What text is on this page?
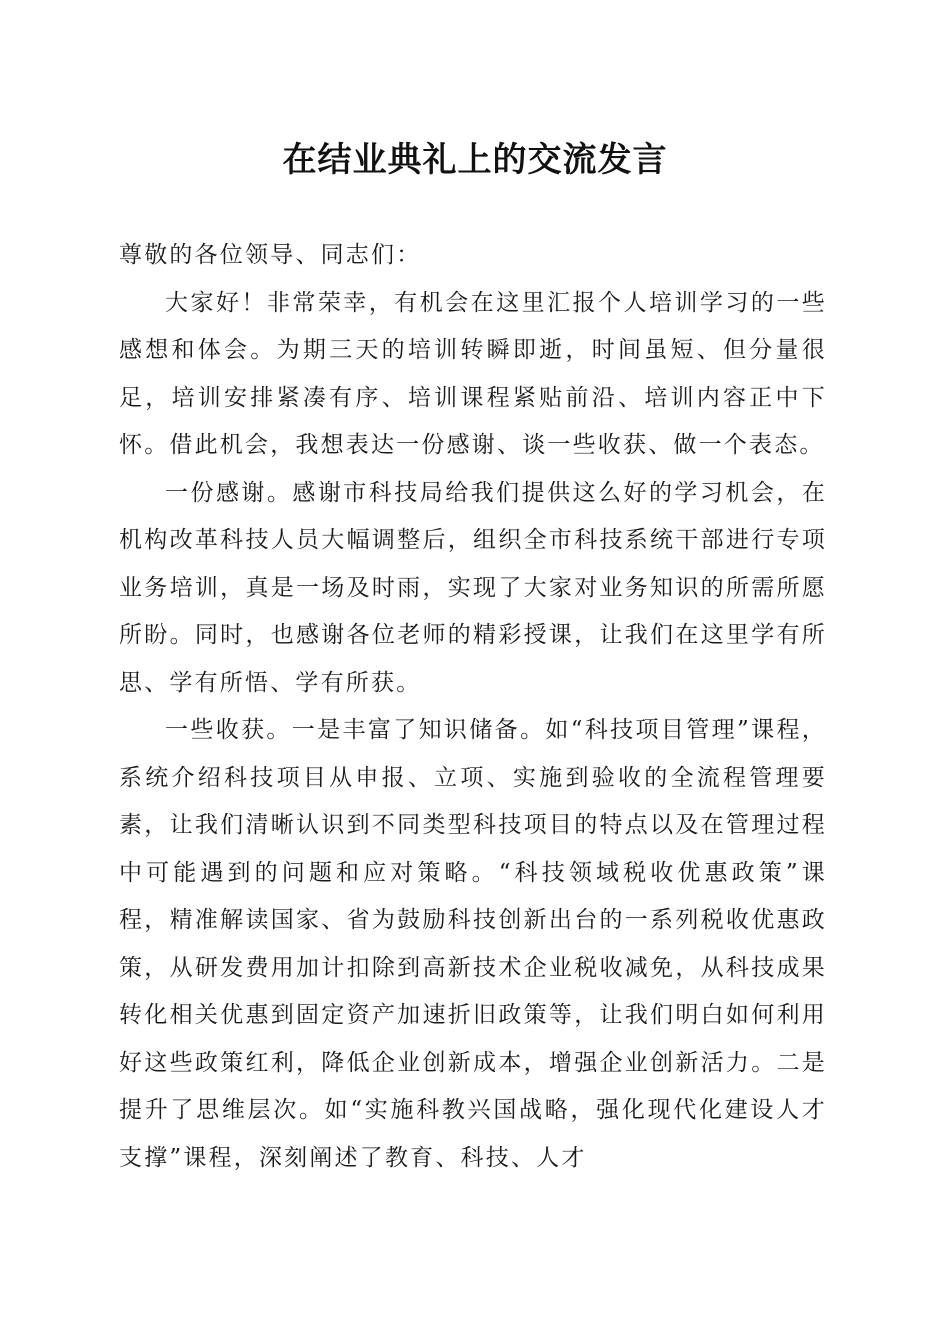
在结业典礼上的交流发言

尊敬的各位领导、同志们：

大家好！非常荣幸，有机会在这里汇报个人培训学习的一些感想和体会。为期三天的培训转瞬即逝，时间虽短、但分量很足，培训安排紧凑有序、培训课程紧贴前沿、培训内容正中下怀。借此机会，我想表达一份感谢、谈一些收获、做一个表态。

一份感谢。感谢市科技局给我们提供这么好的学习机会，在机构改革科技人员大幅调整后，组织全市科技系统干部进行专项业务培训，真是一场及时雨，实现了大家对业务知识的所需所愿所盼。同时，也感谢各位老师的精彩授课，让我们在这里学有所思、学有所悟、学有所获。

一些收获。一是丰富了知识储备。如“科技项目管理”课程，系统介绍科技项目从申报、立项、实施到验收的全流程管理要素，让我们清晰认识到不同类型科技项目的特点以及在管理过程中可能遇到的问题和应对策略。“科技领域税收优惠政策”课程，精准解读国家、省为鼓励科技创新出台的一系列税收优惠政策，从研发费用加计扣除到高新技术企业税收减免，从科技成果转化相关优惠到固定资产加速折旧政策等，让我们明白如何利用好这些政策红利，降低企业创新成本，增强企业创新活力。二是提升了思维层次。如“实施科教兴国战略，强化现代化建设人才支撑”课程，深刻阐述了教育、科技、人才
